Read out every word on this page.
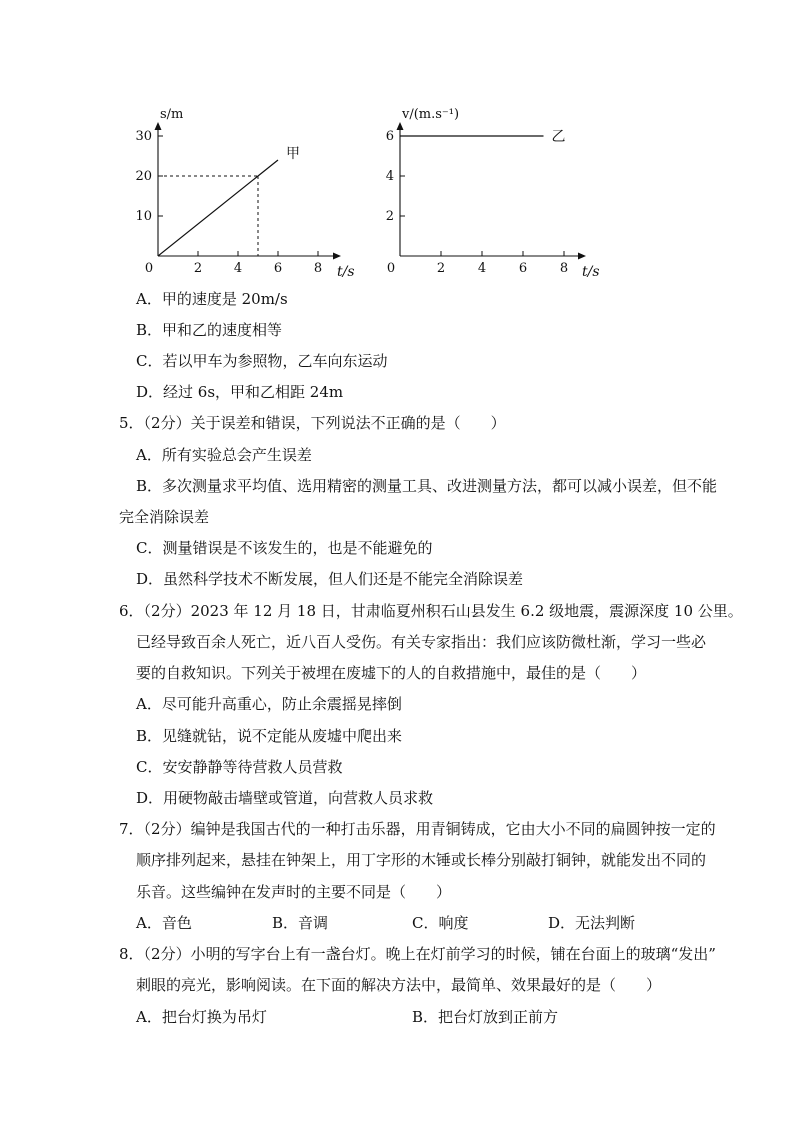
0	2 4 6 8
10
20
30
t/s
s/m
甲
0	2	4	6	8
2
4
6
t/s
v/(m.s⁻¹)
乙
A．甲的速度是 20m/s
B．甲和乙的速度相等
C．若以甲车为参照物，乙车向东运动
D．经过 6s，甲和乙相距 24m
5．（2分）关于误差和错误，下列说法不正确的是（　　）
A．所有实验总会产生误差
B．多次测量求平均值、选用精密的测量工具、改进测量方法，都可以减小误差，但不能
完全消除误差
C．测量错误是不该发生的，也是不能避免的
D．虽然科学技术不断发展，但人们还是不能完全消除误差
6．（2分）2023 年 12 月 18 日，甘肃临夏州积石山县发生 6.2 级地震，震源深度 10 公里。
已经导致百余人死亡，近八百人受伤。有关专家指出：我们应该防微杜渐，学习一些必
要的自救知识。下列关于被埋在废墟下的人的自救措施中，最佳的是（　　）
A．尽可能升高重心，防止余震摇晃摔倒
B．见缝就钻，说不定能从废墟中爬出来
C．安安静静等待营救人员营救
D．用硬物敲击墙壁或管道，向营救人员求救
7．（2分）编钟是我国古代的一种打击乐器，用青铜铸成，它由大小不同的扁圆钟按一定的
顺序排列起来，悬挂在钟架上，用丁字形的木锤或长棒分别敲打铜钟，就能发出不同的
乐音。这些编钟在发声时的主要不同是（　　）
A．音色	B．音调	C．响度	D．无法判断
8．（2分）小明的写字台上有一盏台灯。晚上在灯前学习的时候，铺在台面上的玻璃“发出”
刺眼的亮光，影响阅读。在下面的解决方法中，最简单、效果最好的是（　　）
A．把台灯换为吊灯	B．把台灯放到正前方
